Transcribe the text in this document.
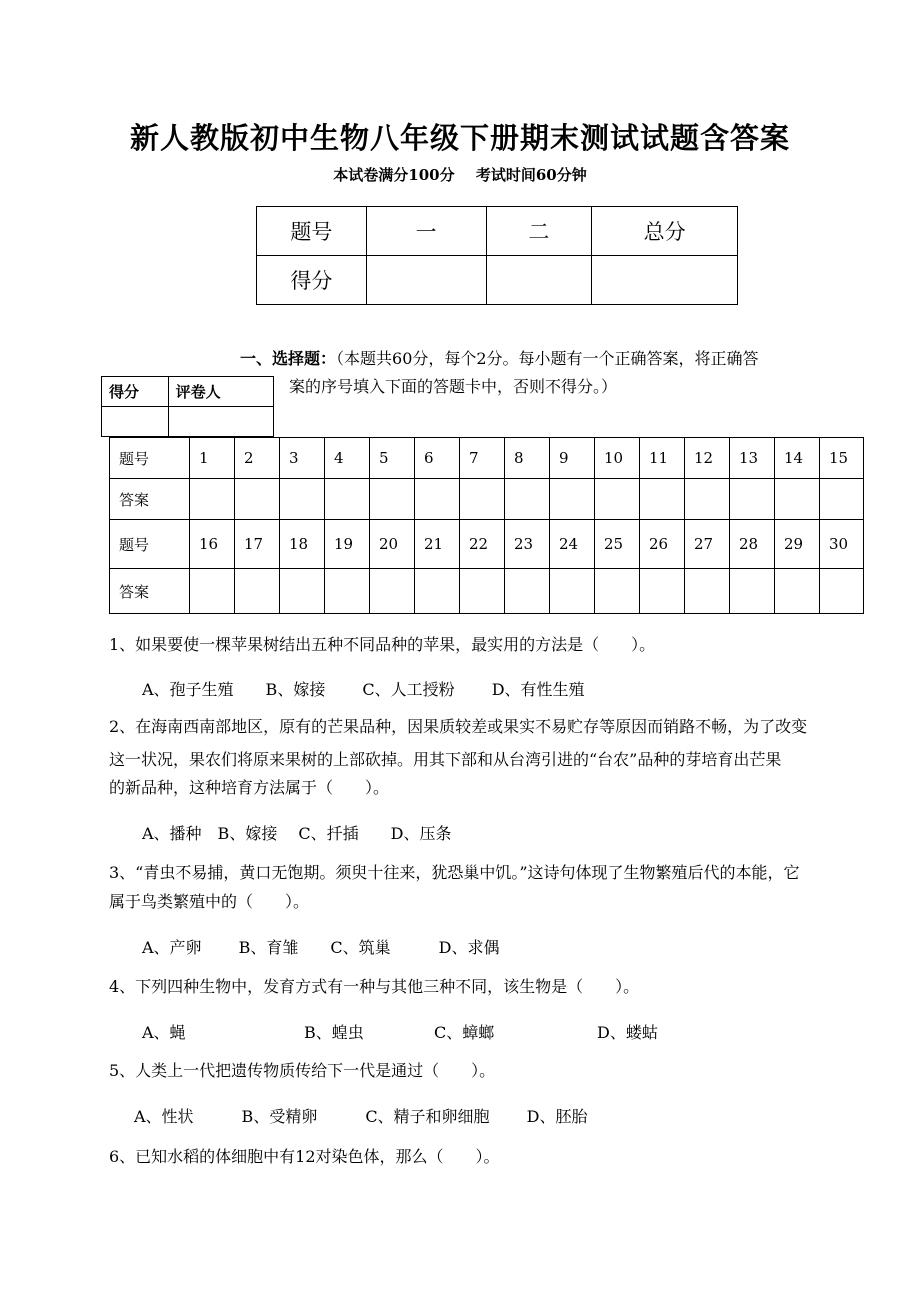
新人教版初中生物八年级下册期末测试试题含答案
本试卷满分100分 考试时间60分钟
题号	一	二	总分
得分			
一、选择题：（本题共60分，每个2分。每小题有一个正确答案，将正确答
案的序号填入下面的答题卡中，否则不得分。）
得分	评卷人

题号	1	2	3	4	5	6	7	8	9	10	11	12	13	14	15
答案															
题号	16	17	18	19	20	21	22	23	24	25	26	27	28	29	30
答案															
1、如果要使一棵苹果树结出五种不同品种的苹果，最实用的方法是（　　）。
A、孢子生殖　　B、嫁接　　 C、人工授粉　　 D、有性生殖
2、在海南西南部地区，原有的芒果品种，因果质较差或果实不易贮存等原因而销路不畅，为了改变
这一状况，果农们将原来果树的上部砍掉。用其下部和从台湾引进的“台农”品种的芽培育出芒果
的新品种，这种培育方法属于（　　）。
A、播种　B、嫁接　 C、扦插　　D、压条
3、“青虫不易捕，黄口无饱期。须臾十往来，犹恐巢中饥。”这诗句体现了生物繁殖后代的本能，它
属于鸟类繁殖中的（　　）。
A、产卵　　 B、育雏　　C、筑巢　　　D、求偶
4、下列四种生物中，发育方式有一种与其他三种不同，该生物是（　　）。
A、蝇	B、蝗虫	C、蟑螂	D、蝼蛄
5、人类上一代把遗传物质传给下一代是通过（　　）。
A、性状　　　B、受精卵　　　C、精子和卵细胞　　 D、胚胎
6、已知水稻的体细胞中有12对染色体，那么（　　）。
